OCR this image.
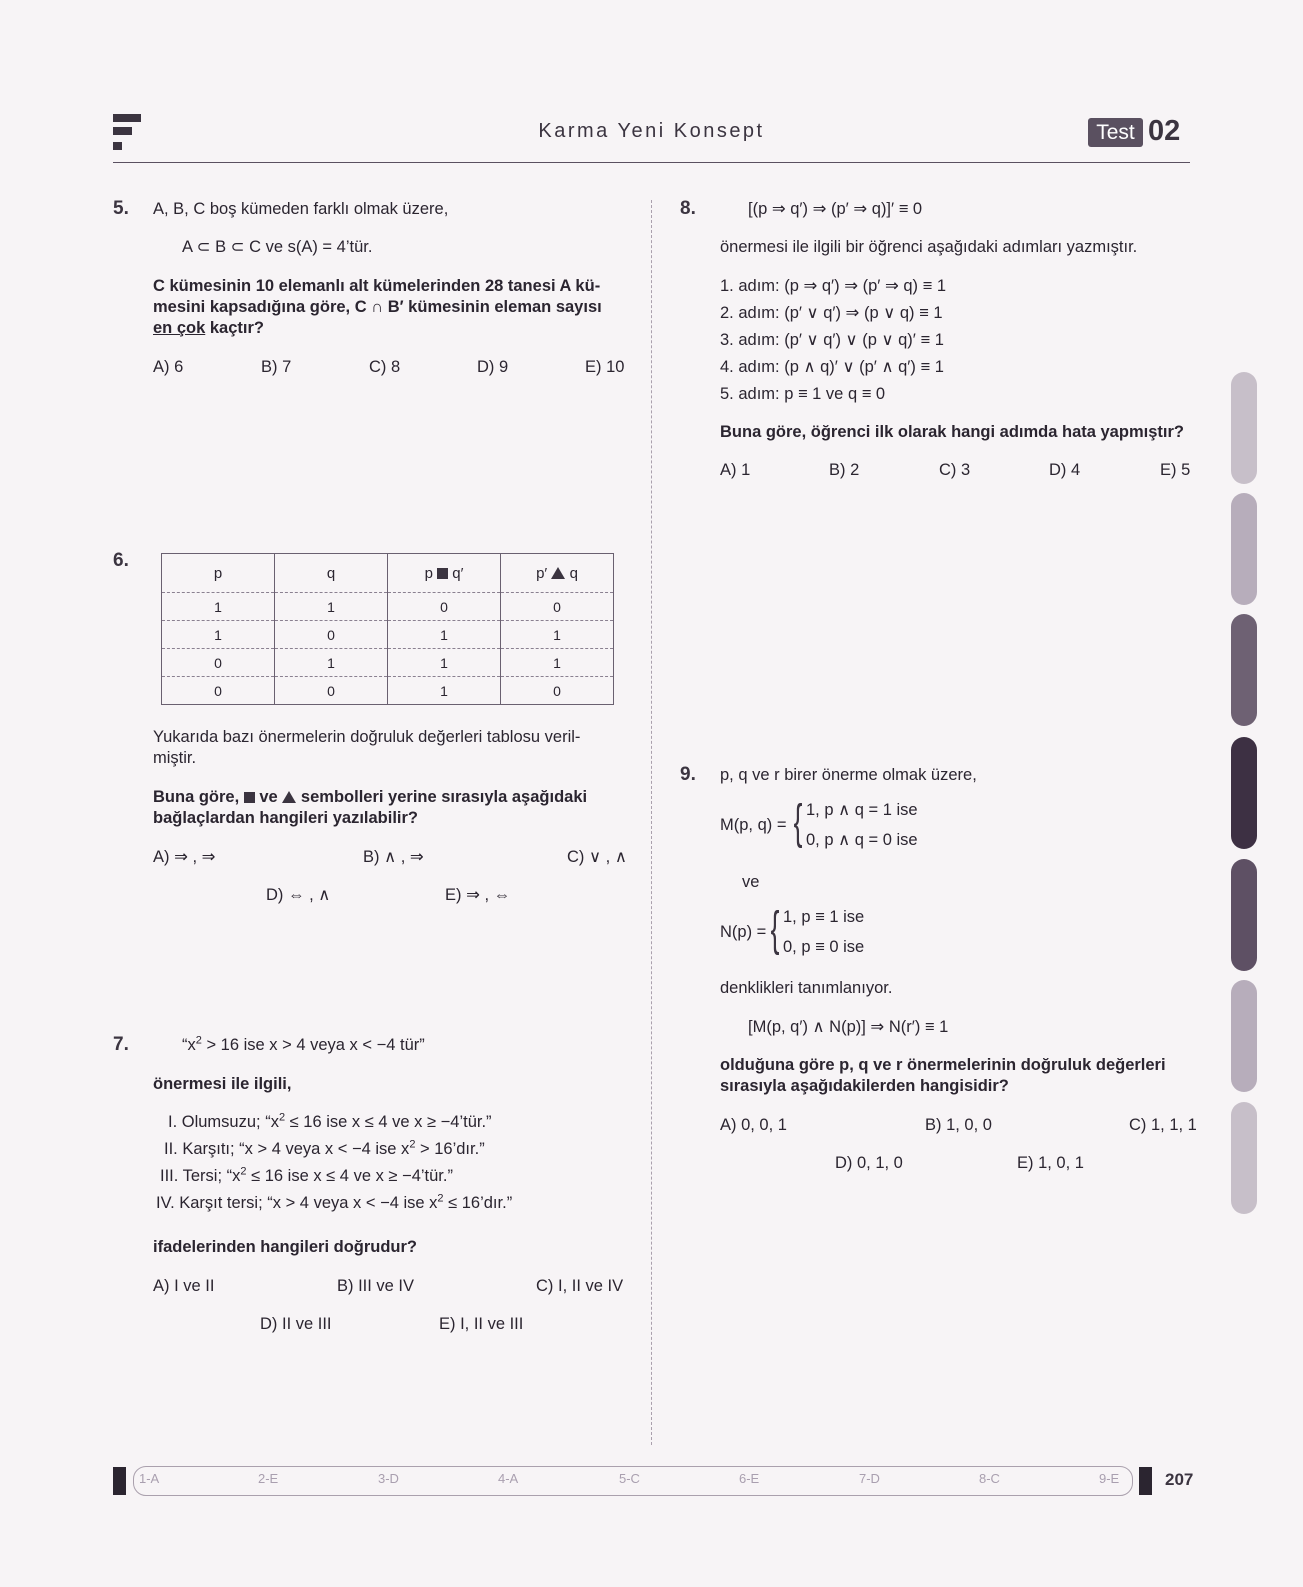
Karma Yeni Konsept	Test 02
5. A, B, C boş kümeden farklı olmak üzere,
A ⊂ B ⊂ C ve s(A) = 4’tür.
C kümesinin 10 elemanlı alt kümelerinden 28 tanesi A kü-
mesini kapsadığına göre, C ∩ B′ kümesinin eleman sayısı
en çok kaçtır?
A) 6	B) 7	C) 8	D) 9	E) 10
6.
p	q	p q′	p′ q
1	1	0	0
1	0	1	1
0	1	1	1
0	0	1	0
Yukarıda bazı önermelerin doğruluk değerleri tablosu veril-
miştir.
Buna göre, ve sembolleri yerine sırasıyla aşağıdaki
bağlaçlardan hangileri yazılabilir?
A) ⇒ , ⇒	B) ∧ , ⇒	C) ∨ , ∧
D) ⇔ , ∧	E) ⇒ , ⇔
7.	“$x^2 > 16$ ise x > 4 veya x < −4 tür”
önermesi ile ilgili,
I. Olumsuzu; “$x^2 \le 16$ ise x ≤ 4 ve x ≥ −4’tür.”
II. Karşıtı; “x > 4 veya x < −4 ise $x^2$ > 16’dır.”
III. Tersi; “$x^2 \le 16$ ise x ≤ 4 ve x ≥ −4’tür.”
IV. Karşıt tersi; “x > 4 veya x < −4 ise $x^2$ ≤ 16’dır.”
ifadelerinden hangileri doğrudur?
A) I ve II	B) III ve IV	C) I, II ve IV
D) II ve III	E) I, II ve III
8.	[(p ⇒ q′) ⇒ (p′ ⇒ q)]′ ≡ 0
önermesi ile ilgili bir öğrenci aşağıdaki adımları yazmıştır.
1. adım: (p ⇒ q′) ⇒ (p′ ⇒ q) ≡ 1
2. adım: (p′ ∨ q′) ⇒ (p ∨ q) ≡ 1
3. adım: (p′ ∨ q′) ∨ (p ∨ q)′ ≡ 1
4. adım: (p ∧ q)′ ∨ (p′ ∧ q′) ≡ 1
5. adım: p ≡ 1 ve q ≡ 0
Buna göre, öğrenci ilk olarak hangi adımda hata yapmıştır?
A) 1	B) 2	C) 3	D) 4	E) 5
9. p, q ve r birer önerme olmak üzere,
M(p, q) = { 1, p ∧ q = 1 ise
0, p ∧ q = 0 ise
ve
N(p) = { 1, p ≡ 1 ise
0, p ≡ 0 ise
denklikleri tanımlanıyor.
[M(p, q′) ∧ N(p)] ⇒ N(r′) ≡ 1
olduğuna göre p, q ve r önermelerinin doğruluk değerleri
sırasıyla aşağıdakilerden hangisidir?
A) 0, 0, 1	B) 1, 0, 0	C) 1, 1, 1
D) 0, 1, 0	E) 1, 0, 1
1-A	2-E	3-D	4-A	5-C	6-E	7-D	8-C	9-E	207
